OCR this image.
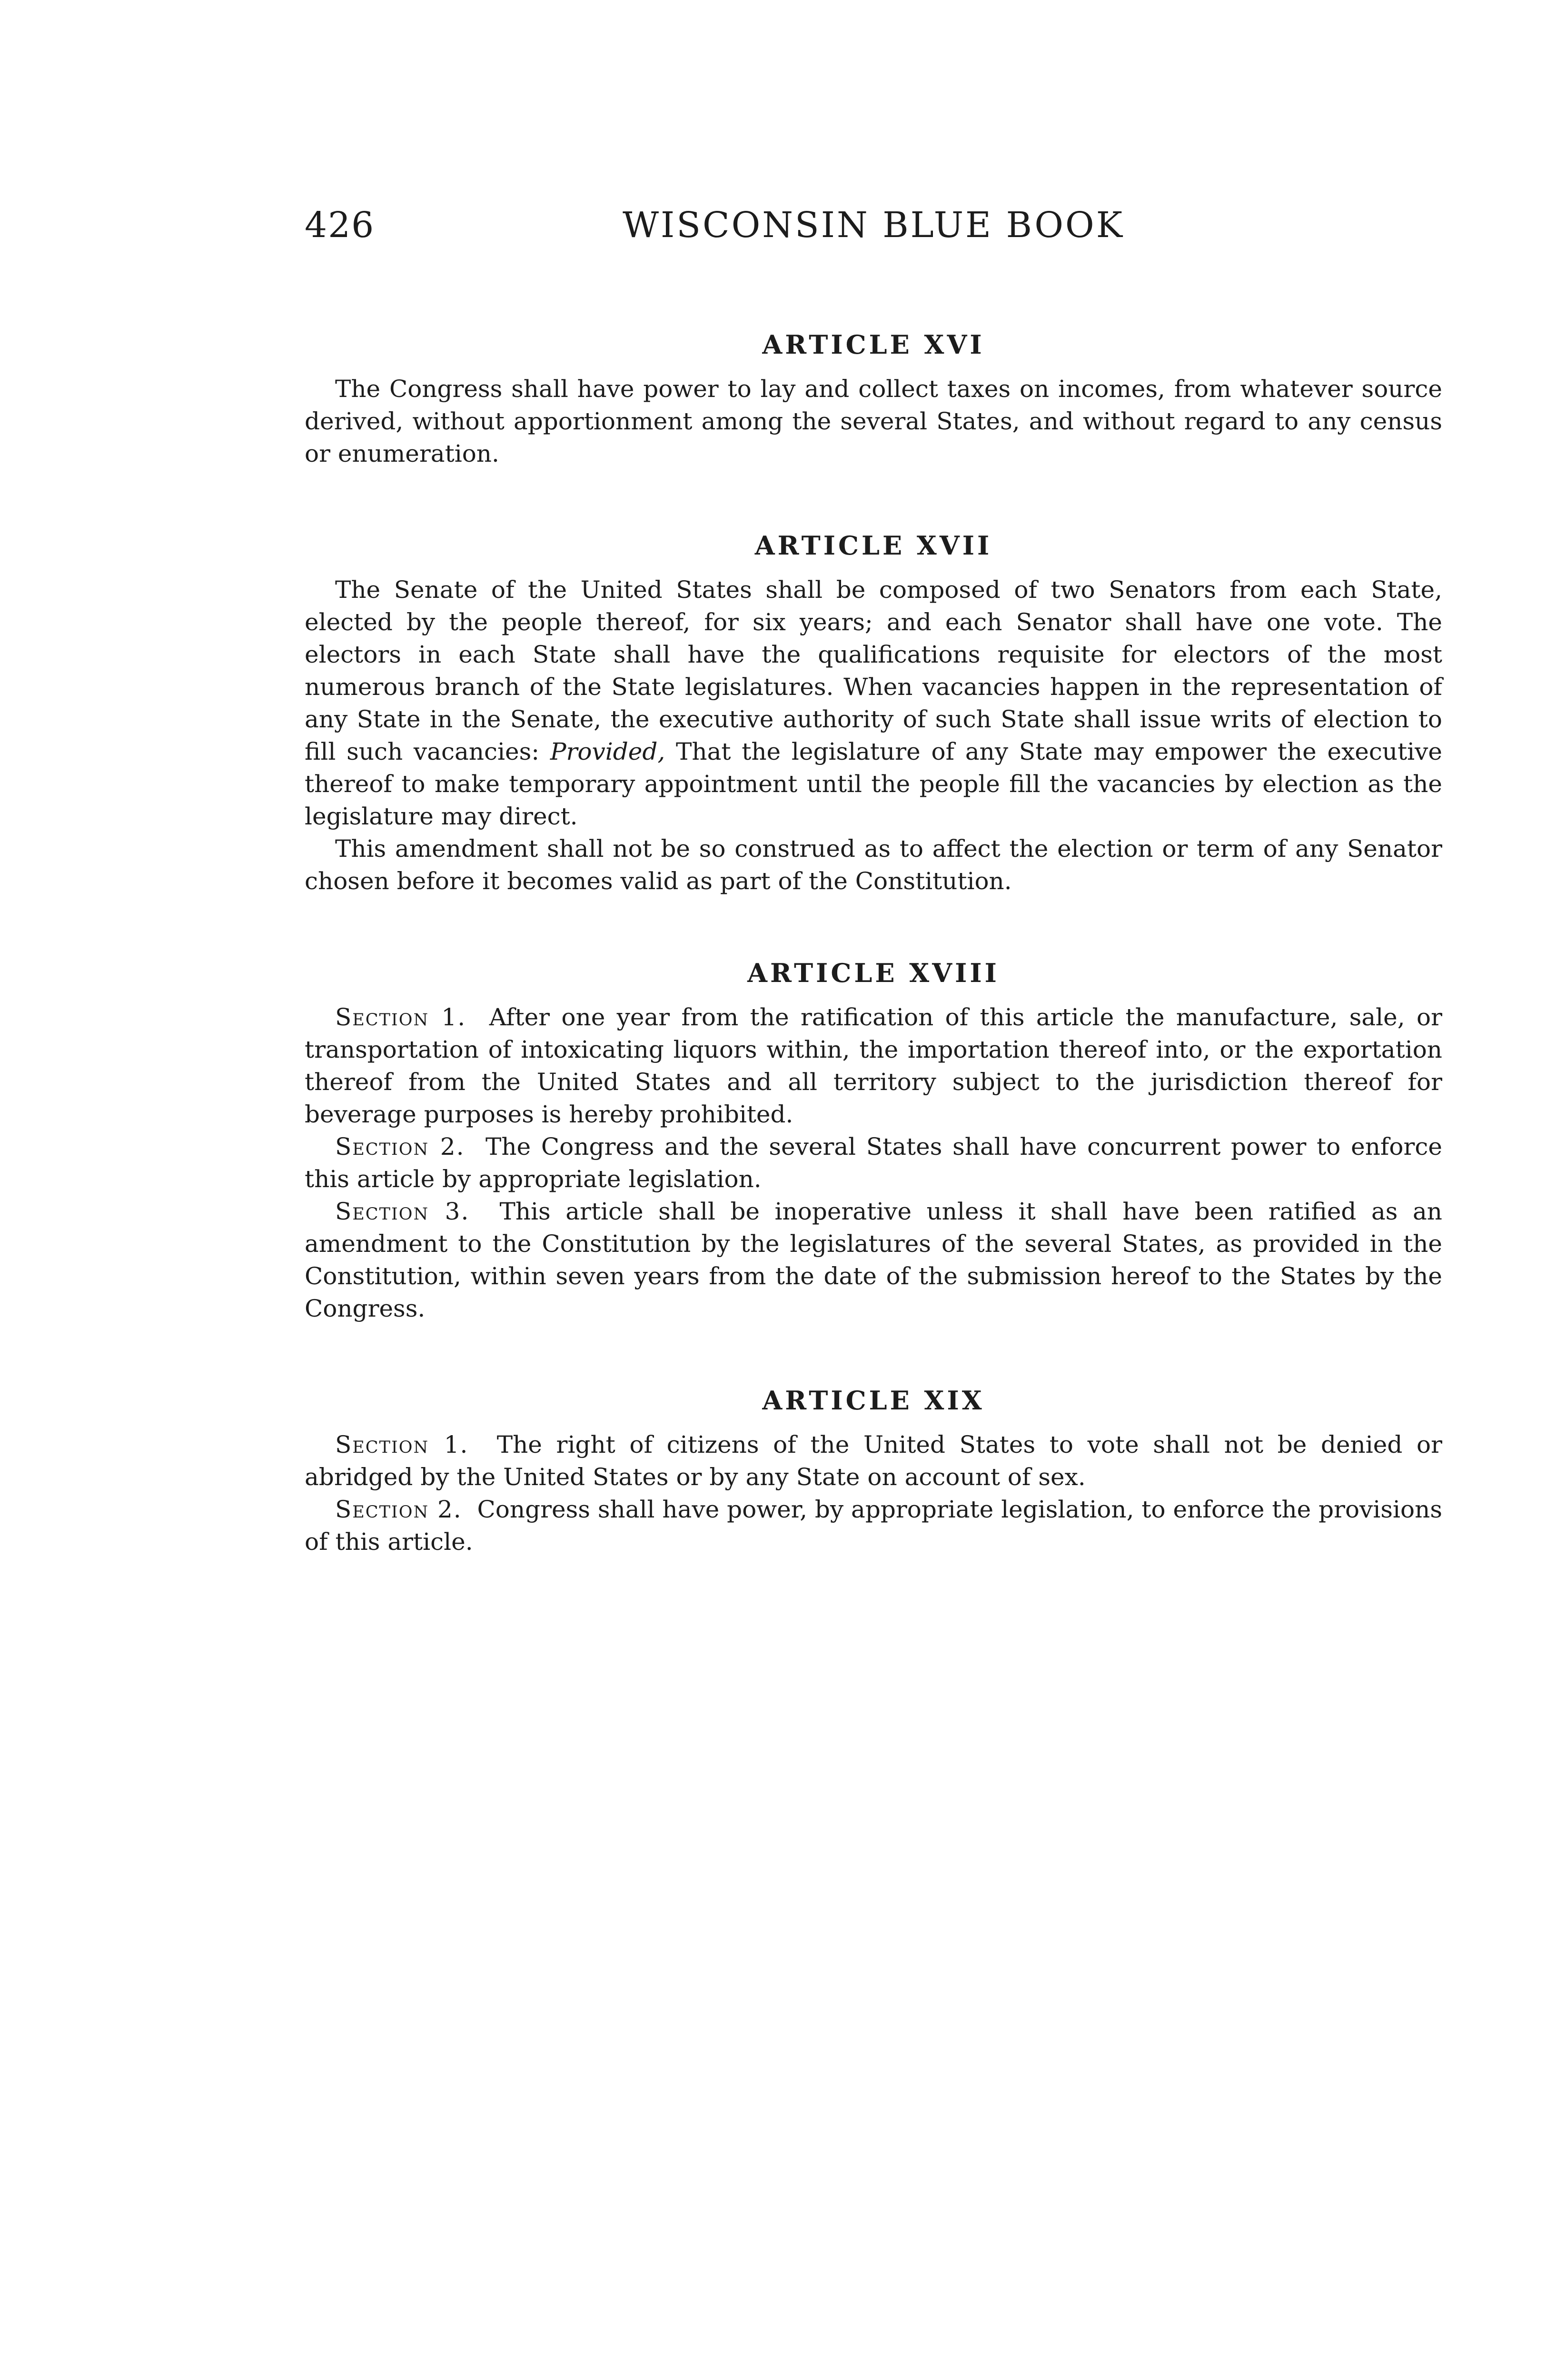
426	WISCONSIN BLUE BOOK
ARTICLE XVI

The Congress shall have power to lay and collect taxes on incomes, from whatever source derived, without apportionment among the several States, and without regard to any census or enumeration.

ARTICLE XVII

The Senate of the United States shall be composed of two Senators from each State, elected by the people thereof, for six years; and each Senator shall have one vote. The electors in each State shall have the qualifications requisite for electors of the most numerous branch of the State legislatures. When vacancies happen in the representation of any State in the Senate, the executive authority of such State shall issue writs of election to fill such vacancies: Provided, That the legislature of any State may empower the executive thereof to make temporary appointment until the people fill the vacancies by election as the legislature may direct.

This amendment shall not be so construed as to affect the election or term of any Senator chosen before it becomes valid as part of the Constitution.

ARTICLE XVIII

Section 1. After one year from the ratification of this article the manufacture, sale, or transportation of intoxicating liquors within, the importation thereof into, or the exportation thereof from the United States and all territory subject to the jurisdiction thereof for beverage purposes is hereby prohibited.

Section 2. The Congress and the several States shall have concurrent power to enforce this article by appropriate legislation.

Section 3. This article shall be inoperative unless it shall have been ratified as an amendment to the Constitution by the legislatures of the several States, as provided in the Constitution, within seven years from the date of the submission hereof to the States by the Congress.

ARTICLE XIX

Section 1. The right of citizens of the United States to vote shall not be denied or abridged by the United States or by any State on account of sex.

Section 2. Congress shall have power, by appropriate legislation, to enforce the provisions of this article.
